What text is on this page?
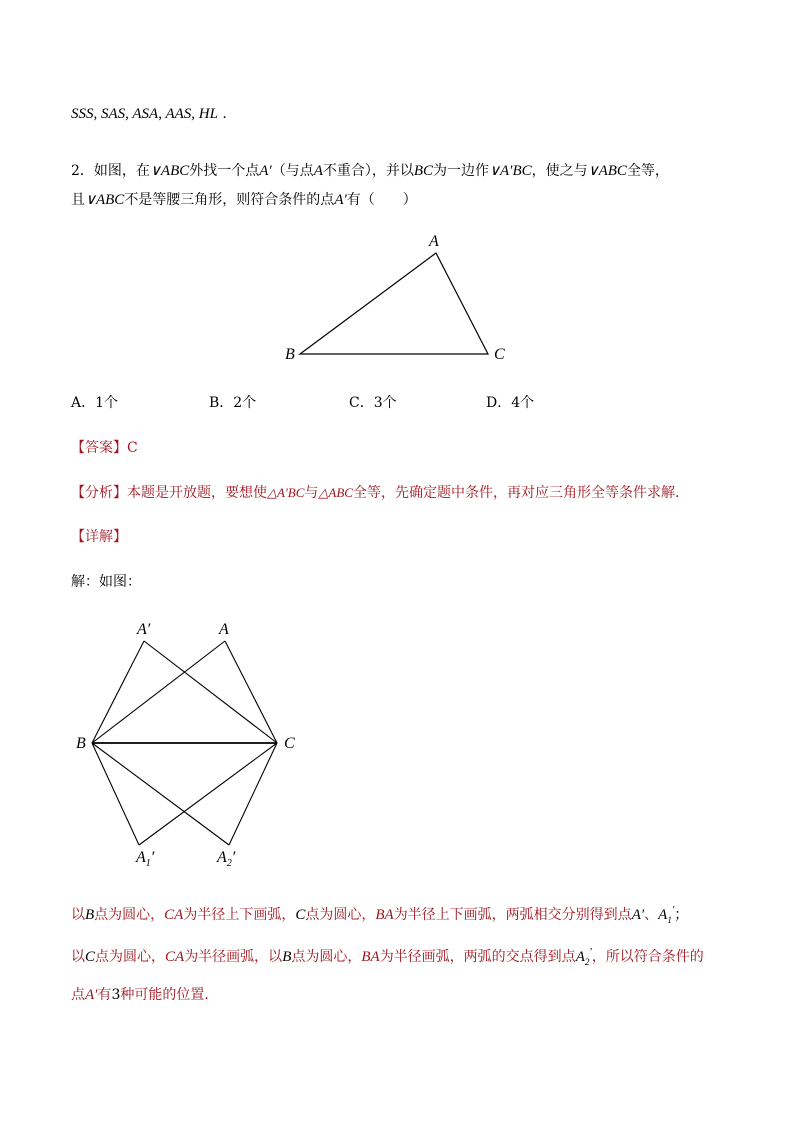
SSS, SAS, ASA, AAS, HL .
2．如图，在∨ABC外找一个点A′（与点A不重合），并以BC为一边作∨A′BC，使之与∨ABC全等，
且∨ABC不是等腰三角形，则符合条件的点A′有（　　）
A
B	C
A．1个	B．2个	C．3个	D．4个
【答案】C
【分析】本题是开放题，要想使△A′BC与△ABC全等，先确定题中条件，再对应三角形全等条件求解．
【详解】
解：如图：
A′	A
B	C
$A_1'$	$A_2'$
以B点为圆心，CA为半径上下画弧，C点为圆心，BA为半径上下画弧，两弧相交分别得到点A′、$A_1'$；
以C点为圆心，CA为半径画弧，以B点为圆心，BA为半径画弧，两弧的交点得到点$A_2'$，所以符合条件的
点A′有3种可能的位置．
